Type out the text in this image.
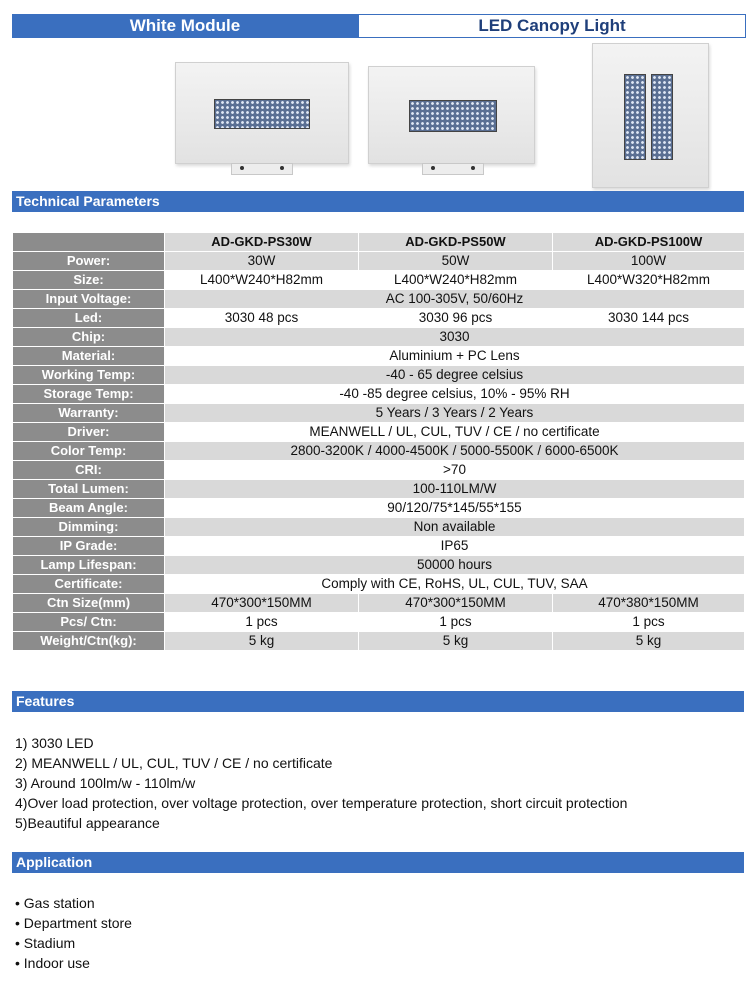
White Module	LED Canopy Light
Technical Parameters
	AD-GKD-PS30W	AD-GKD-PS50W	AD-GKD-PS100W
Power:	30W	50W	100W
Size:	L400*W240*H82mm	L400*W240*H82mm	L400*W320*H82mm
Input Voltage:	AC 100-305V, 50/60Hz		
Led:	3030 48 pcs	3030 96 pcs	3030 144 pcs
Chip:	3030		
Material:	Aluminium + PC Lens		
Working Temp:	-40 - 65 degree celsius		
Storage Temp:	-40 -85 degree celsius, 10% - 95% RH		
Warranty:	5 Years / 3 Years / 2 Years		
Driver:	MEANWELL / UL, CUL, TUV / CE / no certificate		
Color Temp:	2800-3200K / 4000-4500K / 5000-5500K / 6000-6500K		
CRI:	>70		
Total Lumen:	100-110LM/W		
Beam Angle:	90/120/75*145/55*155		
Dimming:	Non available		
IP Grade:	IP65		
Lamp Lifespan:	50000 hours		
Certificate:	Comply with CE, RoHS, UL, CUL, TUV, SAA		
Ctn Size(mm)	470*300*150MM	470*300*150MM	470*380*150MM
Pcs/ Ctn:	1 pcs	1 pcs	1 pcs
Weight/Ctn(kg):	5 kg	5 kg	5 kg
Features
1) 3030 LED
2) MEANWELL / UL, CUL, TUV / CE / no certificate
3) Around 100lm/w - 110lm/w
4)Over load protection, over voltage protection, over temperature protection, short circuit protection
5)Beautiful appearance
Application
• Gas station
• Department store
• Stadium
• Indoor use
